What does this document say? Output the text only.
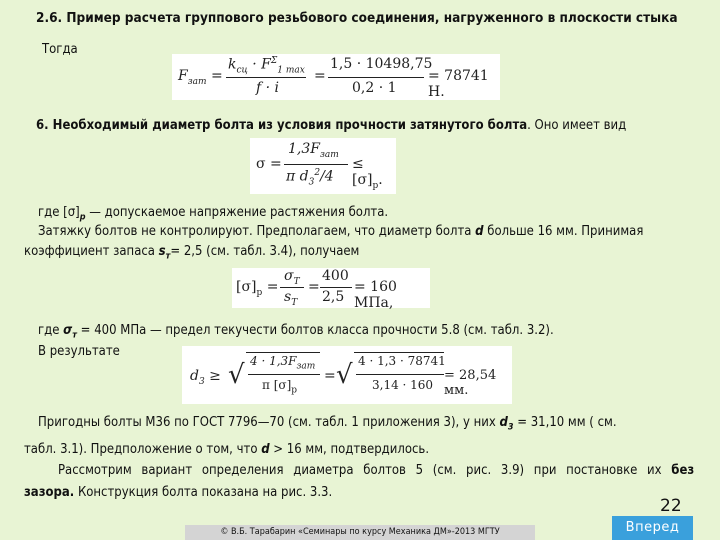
2.6. Пример расчета группового резьбового соединения, нагруженного в плоскости стыка
Тогда
$F_{зат}$ =
$k_{сц} \cdot F^\Sigma_{1 max}$
f · i
=
1,5 · 10498,75
0,2 · 1
= 78741 Н.
6. Необходимый диаметр болта из условия прочности затянутого болта. Оно имеет вид
σ =
$1,3F_{зат}$
π $d_3^2/4$
≤ $[\sigma]_р$.
где $[\sigma]_р$ — допускаемое напряжение растяжения болта.
Затяжку болтов не контролируют. Предполагаем, что диаметр болта d больше 16 мм. Принимая
коэффициент запаса $s_т= 2,5$ (см. табл. 3.4), получаем
$[\sigma]_р$ =
$\sigma_Т$
$s_Т$
=
400
2,5
= 160 МПа,
где $\sigma_т = 400$ МПа — предел текучести болтов класса прочности 5.8 (см. табл. 3.2).
В результате
$d_3$ ≥ √ $4 \cdot 1,3F_{зат}$
π $[\sigma]_р$
= √ 4 · 1,3 · 78741
3,14 · 160
= 28,54 мм.
Пригодны болты М36 по ГОСТ 7796—70 (см. табл. 1 приложения 3), у них $d_3 = 31,10$ мм ( см.
табл. 3.1). Предположение о том, что d > 16 мм, подтвердилось.
Рассмотрим вариант определения диаметра болтов 5 (см. рис. 3.9) при постановке их без
зазора. Конструкция болта показана на рис. 3.3.
22
Вперед
© В.Б. Тарабарин «Семинары по курсу Механика ДМ»-2013 МГТУ
